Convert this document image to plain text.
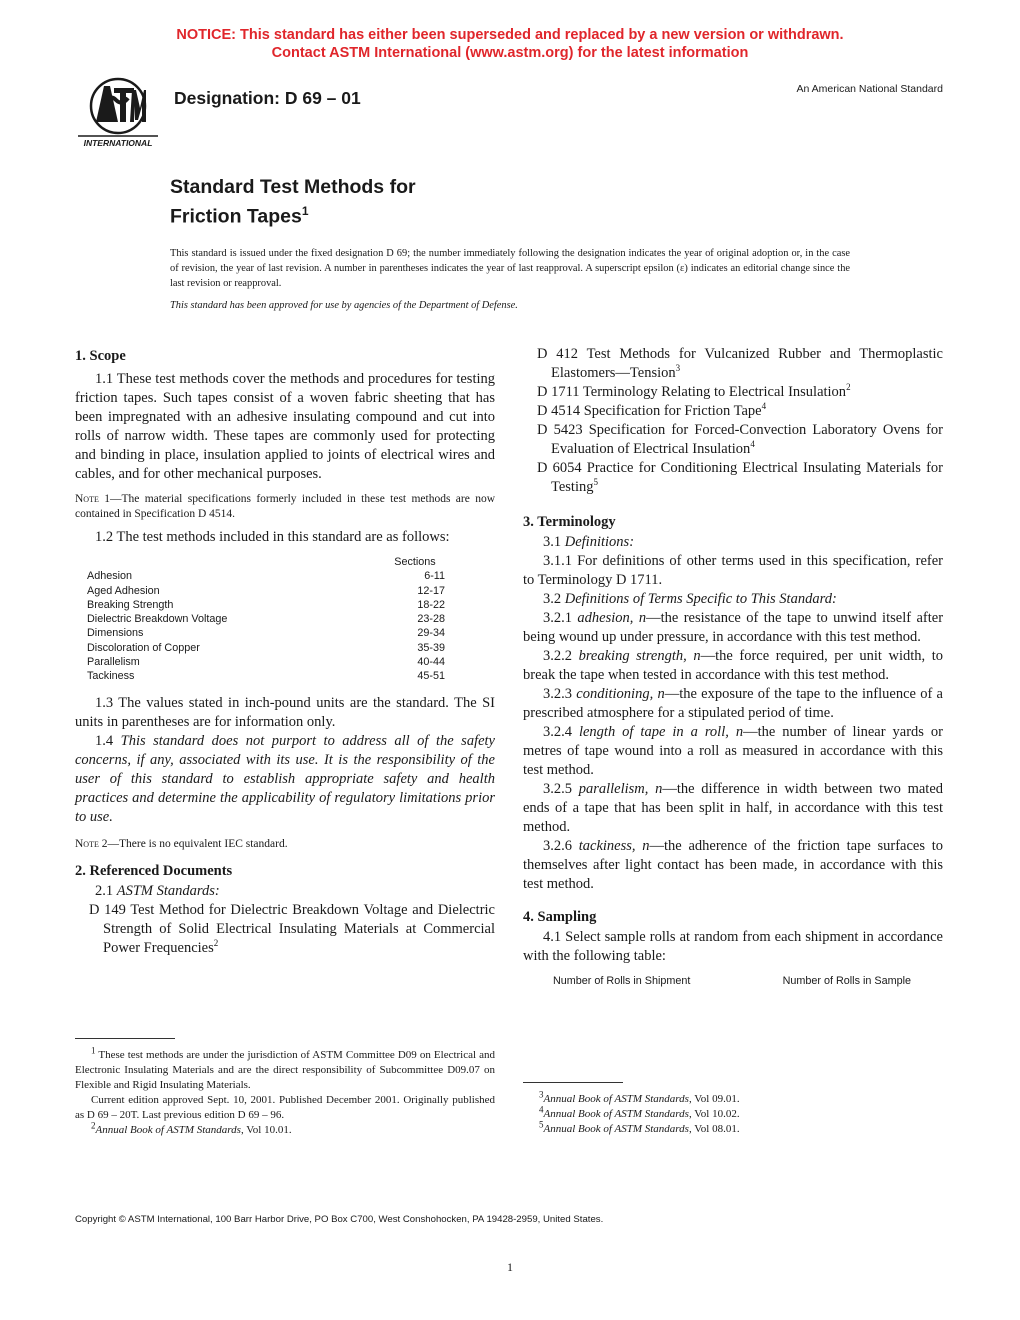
NOTICE: This standard has either been superseded and replaced by a new version or withdrawn.
Contact ASTM International (www.astm.org) for the latest information
INTERNATIONAL
Designation: D 69 – 01	An American National Standard
Standard Test Methods for
Friction Tapes$^1$
This standard is issued under the fixed designation D 69; the number immediately following the designation indicates the year of original adoption or, in the case of revision, the year of last revision. A number in parentheses indicates the year of last reapproval. A superscript epsilon (ε) indicates an editorial change since the last revision or reapproval.
This standard has been approved for use by agencies of the Department of Defense.
1. Scope

1.1 These test methods cover the methods and procedures for testing friction tapes. Such tapes consist of a woven fabric sheeting that has been impregnated with an adhesive insulating compound and cut into rolls of narrow width. These tapes are commonly used for protecting and binding in place, insulation applied to joints of electrical wires and cables, and for other mechanical purposes.

Note 1—The material specifications formerly included in these test methods are now contained in Specification D 4514.

1.2 The test methods included in this standard are as follows:

Sections
Adhesion	6-11
Aged Adhesion	12-17
Breaking Strength	18-22
Dielectric Breakdown Voltage	23-28
Dimensions	29-34
Discoloration of Copper	35-39
Parallelism	40-44
Tackiness	45-51

1.3 The values stated in inch-pound units are the standard. The SI units in parentheses are for information only.

1.4 This standard does not purport to address all of the safety concerns, if any, associated with its use. It is the responsibility of the user of this standard to establish appropriate safety and health practices and determine the applicability of regulatory limitations prior to use.

Note 2—There is no equivalent IEC standard.
2. Referenced Documents

2.1 ASTM Standards:

D 149 Test Method for Dielectric Breakdown Voltage and Dielectric Strength of Solid Electrical Insulating Materials at Commercial Power Frequencies$^2$

$^1$ These test methods are under the jurisdiction of ASTM Committee D09 on Electrical and Electronic Insulating Materials and are the direct responsibility of Subcommittee D09.07 on Flexible and Rigid Insulating Materials.

Current edition approved Sept. 10, 2001. Published December 2001. Originally published as D 69 – 20T. Last previous edition D 69 – 96.

$^2$Annual Book of ASTM Standards, Vol 10.01.

D 412 Test Methods for Vulcanized Rubber and Thermoplastic Elastomers—Tension$^3$

D 1711 Terminology Relating to Electrical Insulation$^2$

D 4514 Specification for Friction Tape$^4$

D 5423 Specification for Forced-Convection Laboratory Ovens for Evaluation of Electrical Insulation$^4$

D 6054 Practice for Conditioning Electrical Insulating Materials for Testing$^5$

3. Terminology

3.1 Definitions:

3.1.1 For definitions of other terms used in this specification, refer to Terminology D 1711.

3.2 Definitions of Terms Specific to This Standard:

3.2.1 adhesion, n—the resistance of the tape to unwind itself after being wound up under pressure, in accordance with this test method.

3.2.2 breaking strength, n—the force required, per unit width, to break the tape when tested in accordance with this test method.

3.2.3 conditioning, n—the exposure of the tape to the influence of a prescribed atmosphere for a stipulated period of time.

3.2.4 length of tape in a roll, n—the number of linear yards or metres of tape wound into a roll as measured in accordance with this test method.

3.2.5 parallelism, n—the difference in width between two mated ends of a tape that has been split in half, in accordance with this test method.

3.2.6 tackiness, n—the adherence of the friction tape surfaces to themselves after light contact has been made, in accordance with this test method.

4. Sampling

4.1 Select sample rolls at random from each shipment in accordance with the following table:

Number of Rolls in Shipment	Number of Rolls in Sample

$^3$Annual Book of ASTM Standards, Vol 09.01.

$^4$Annual Book of ASTM Standards, Vol 10.02.

$^5$Annual Book of ASTM Standards, Vol 08.01.

Copyright © ASTM International, 100 Barr Harbor Drive, PO Box C700, West Conshohocken, PA 19428-2959, United States.
1
